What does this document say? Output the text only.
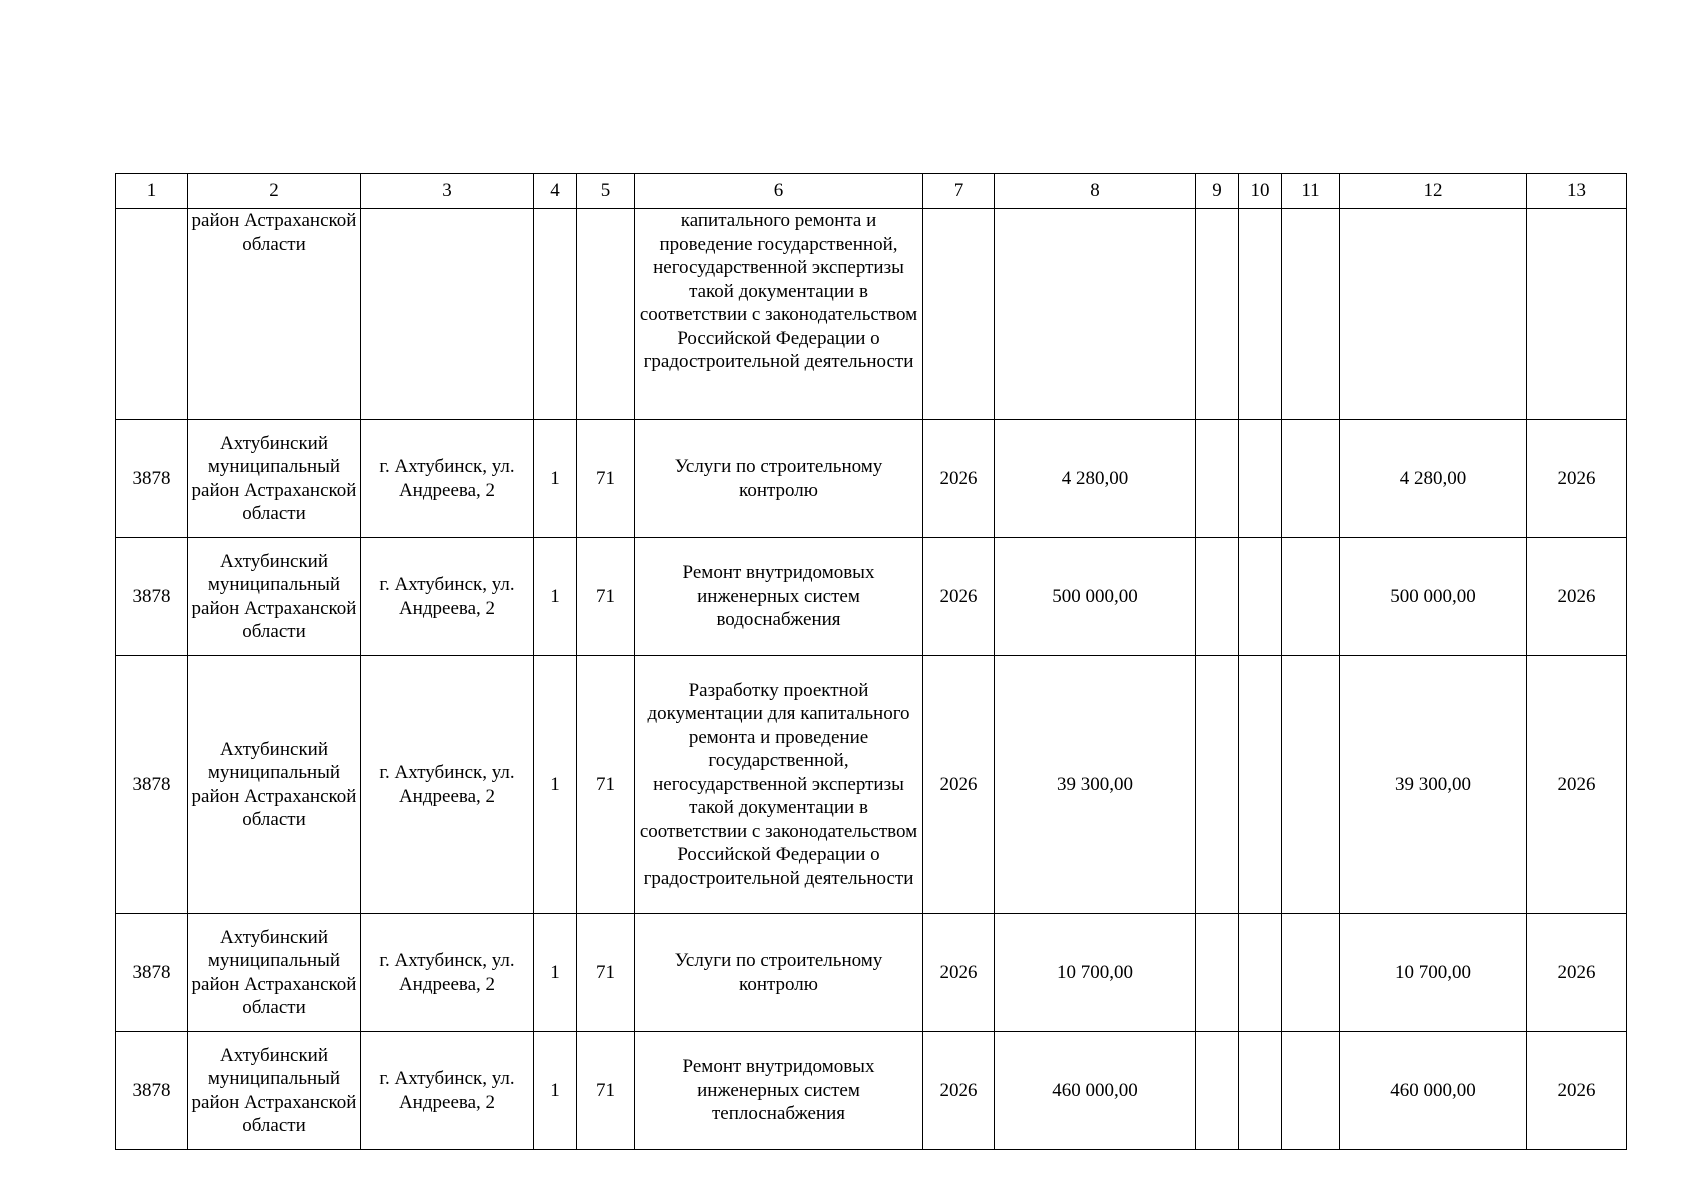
1	2	3	4	5	6	7	8	9	10	11	12	13

	район Астраханской области				капитального ремонта и проведение государственной, негосударственной экспертизы такой документации в соответствии с законодательством Российской Федерации о градостроительной деятельности							

3878	Ахтубинский муниципальный район Астраханской области	г. Ахтубинск, ул. Андреева, 2	1	71	Услуги по строительному контролю	2026	4 280,00				4 280,00	2026
3878	Ахтубинский муниципальный район Астраханской области	г. Ахтубинск, ул. Андреева, 2	1	71	Ремонт внутридомовых инженерных систем водоснабжения	2026	500 000,00				500 000,00	2026
3878	Ахтубинский муниципальный район Астраханской области	г. Ахтубинск, ул. Андреева, 2	1	71	Разработку проектной документации для капитального ремонта и проведение государственной, негосударственной экспертизы такой документации в соответствии с законодательством Российской Федерации о градостроительной деятельности	2026	39 300,00				39 300,00	2026
3878	Ахтубинский муниципальный район Астраханской области	г. Ахтубинск, ул. Андреева, 2	1	71	Услуги по строительному контролю	2026	10 700,00				10 700,00	2026
3878	Ахтубинский муниципальный район Астраханской области	г. Ахтубинск, ул. Андреева, 2	1	71	Ремонт внутридомовых инженерных систем теплоснабжения	2026	460 000,00				460 000,00	2026
